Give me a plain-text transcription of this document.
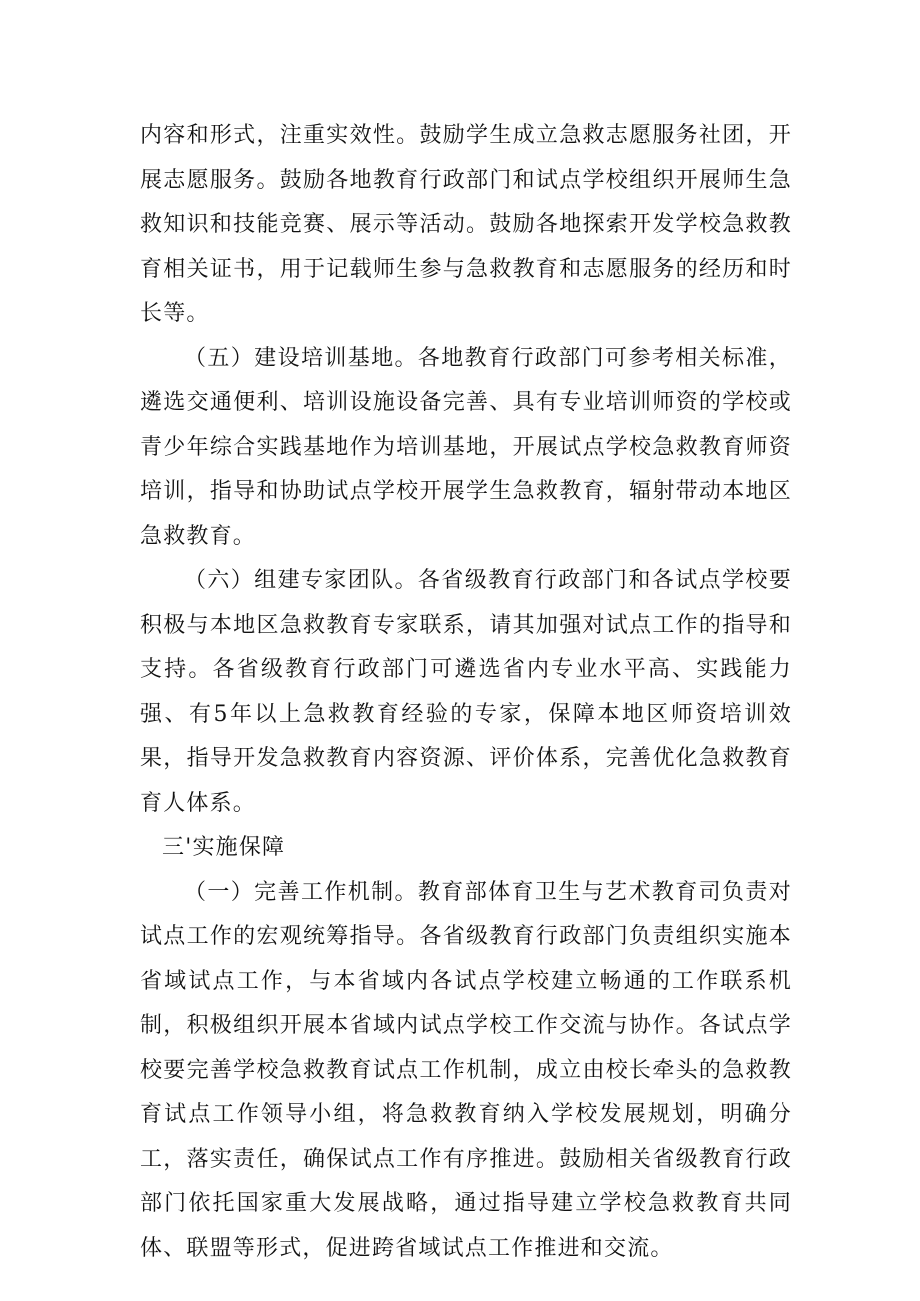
内容和形式，注重实效性。鼓励学生成立急救志愿服务社团，开展志愿服务。鼓励各地教育行政部门和试点学校组织开展师生急救知识和技能竞赛、展示等活动。鼓励各地探索开发学校急救教育相关证书，用于记载师生参与急救教育和志愿服务的经历和时长等。

（五）建设培训基地。各地教育行政部门可参考相关标准，遴选交通便利、培训设施设备完善、具有专业培训师资的学校或青少年综合实践基地作为培训基地，开展试点学校急救教育师资培训，指导和协助试点学校开展学生急救教育，辐射带动本地区急救教育。

（六）组建专家团队。各省级教育行政部门和各试点学校要积极与本地区急救教育专家联系，请其加强对试点工作的指导和支持。各省级教育行政部门可遴选省内专业水平高、实践能力强、有5年以上急救教育经验的专家，保障本地区师资培训效果，指导开发急救教育内容资源、评价体系，完善优化急救教育育人体系。

三'实施保障

（一）完善工作机制。教育部体育卫生与艺术教育司负责对试点工作的宏观统筹指导。各省级教育行政部门负责组织实施本省域试点工作，与本省域内各试点学校建立畅通的工作联系机制，积极组织开展本省域内试点学校工作交流与协作。各试点学校要完善学校急救教育试点工作机制，成立由校长牵头的急救教育试点工作领导小组，将急救教育纳入学校发展规划，明确分工，落实责任，确保试点工作有序推进。鼓励相关省级教育行政部门依托国家重大发展战略，通过指导建立学校急救教育共同体、联盟等形式，促进跨省域试点工作推进和交流。
